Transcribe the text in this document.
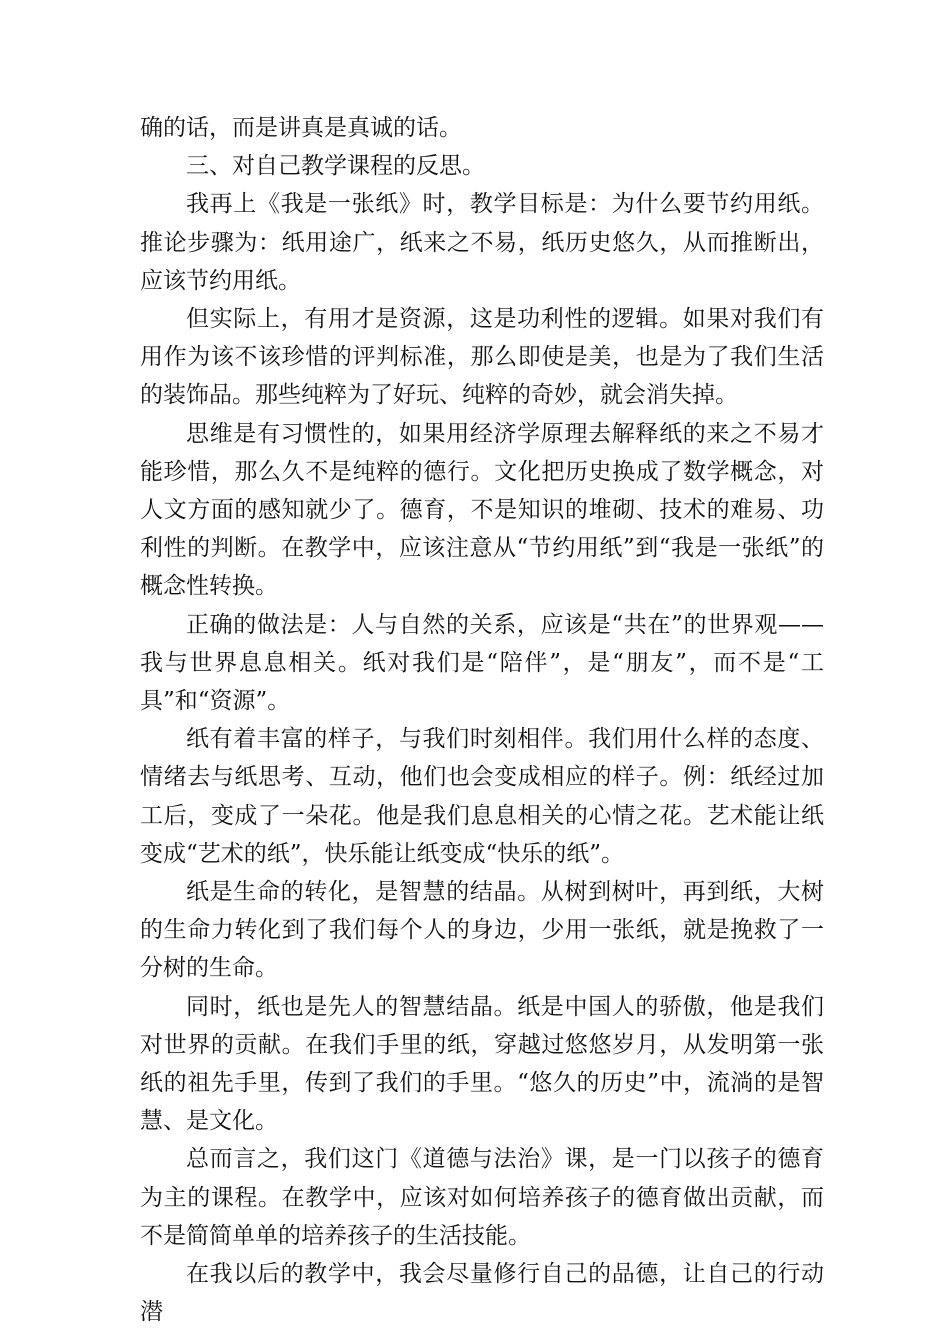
确的话，而是讲真是真诚的话。

三、对自己教学课程的反思。

我再上《我是一张纸》时，教学目标是：为什么要节约用纸。推论步骤为：纸用途广，纸来之不易，纸历史悠久，从而推断出，应该节约用纸。

但实际上，有用才是资源，这是功利性的逻辑。如果对我们有用作为该不该珍惜的评判标准，那么即使是美，也是为了我们生活的装饰品。那些纯粹为了好玩、纯粹的奇妙，就会消失掉。

思维是有习惯性的，如果用经济学原理去解释纸的来之不易才能珍惜，那么久不是纯粹的德行。文化把历史换成了数学概念，对人文方面的感知就少了。德育，不是知识的堆砌、技术的难易、功利性的判断。在教学中，应该注意从“节约用纸”到“我是一张纸”的概念性转换。

正确的做法是：人与自然的关系，应该是“共在”的世界观——我与世界息息相关。纸对我们是“陪伴”，是“朋友”，而不是“工具”和“资源”。

纸有着丰富的样子，与我们时刻相伴。我们用什么样的态度、情绪去与纸思考、互动，他们也会变成相应的样子。例：纸经过加工后，变成了一朵花。他是我们息息相关的心情之花。艺术能让纸变成“艺术的纸”，快乐能让纸变成“快乐的纸”。

纸是生命的转化，是智慧的结晶。从树到树叶，再到纸，大树的生命力转化到了我们每个人的身边，少用一张纸，就是挽救了一分树的生命。

同时，纸也是先人的智慧结晶。纸是中国人的骄傲，他是我们对世界的贡献。在我们手里的纸，穿越过悠悠岁月，从发明第一张纸的祖先手里，传到了我们的手里。“悠久的历史”中，流淌的是智慧、是文化。

总而言之，我们这门《道德与法治》课，是一门以孩子的德育为主的课程。在教学中，应该对如何培养孩子的德育做出贡献，而不是简简单单的培养孩子的生活技能。

在我以后的教学中，我会尽量修行自己的品德，让自己的行动潜
